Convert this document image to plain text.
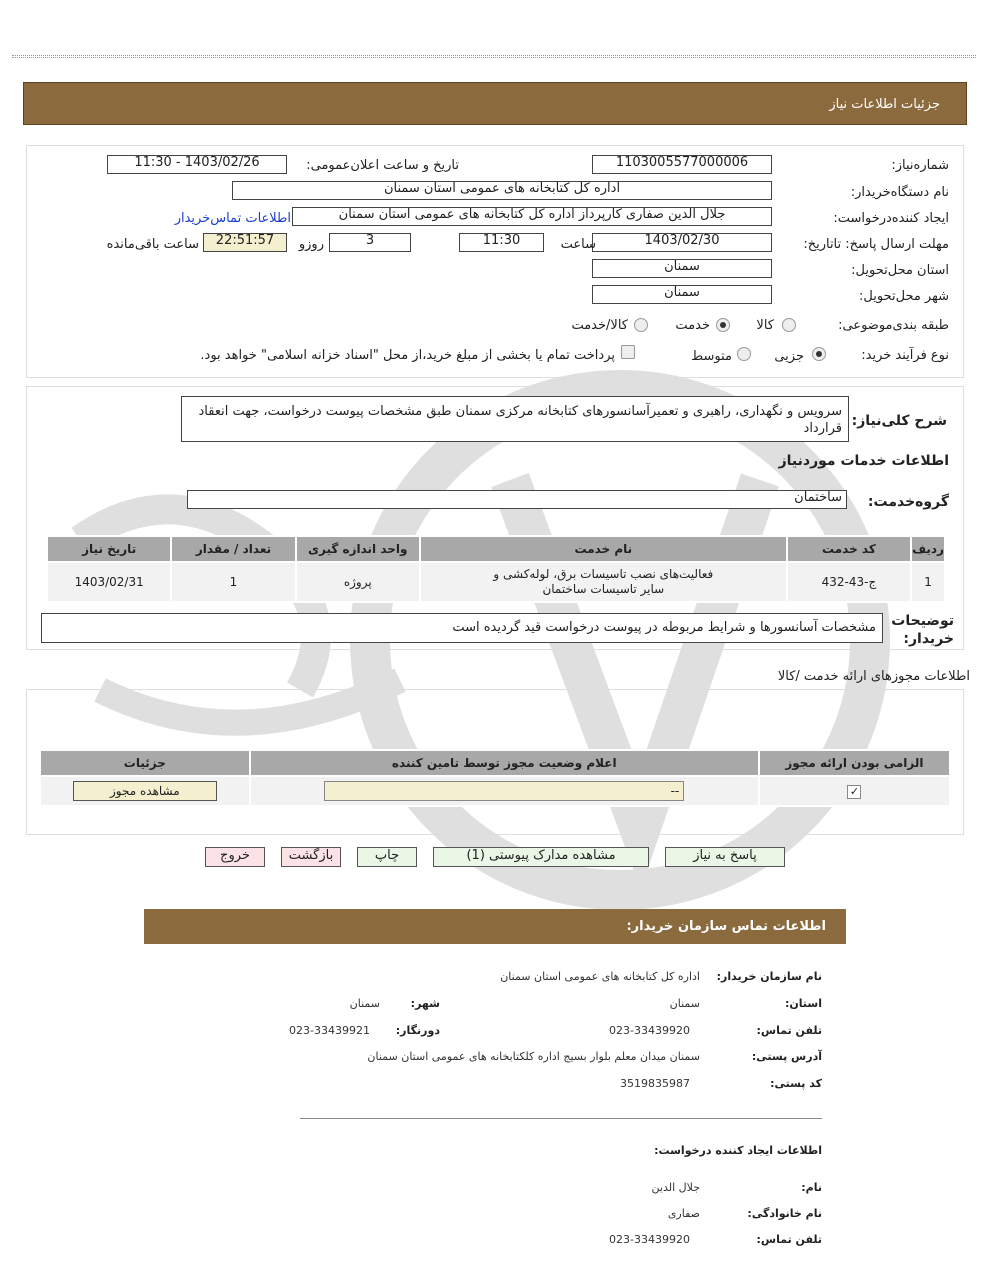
جزئیات اطلاعات نیاز
شماره‌نیاز:
1103005577000006
تاریخ و ساعت اعلان‌عمومی:
1403/02/26 - 11:30
نام دستگاه‌خریدار:
اداره کل کتابخانه های عمومی استان سمنان
ایجاد کننده‌درخواست:
جلال الدین صفاری کارپرداز اداره کل کتابخانه های عمومی استان سمنان
اطلاعات تماس‌خریدار
مهلت ارسال پاسخ: تاتاریخ:
1403/02/30
ساعت
11:30
3
روزو
22:51:57
ساعت باقی‌مانده
استان محل‌تحویل:
سمنان
شهر محل‌تحویل:
سمنان
طبقه بندی‌موضوعی:
کالا
خدمت
کالا/خدمت
نوع فرآیند خرید:
جزیی
متوسط
پرداخت تمام یا بخشی از مبلغ خرید،از محل "اسناد خزانه اسلامی" خواهد بود.
شرح کلی‌نیاز:
سرویس و نگهداری، راهبری و تعمیرآسانسورهای کتابخانه مرکزی سمنان طبق مشخصات پیوست درخواست، جهت انعقاد قرارداد
اطلاعات خدمات مورد‌نیاز
گروه‌خدمت:
ساختمان
ردیف	کد خدمت	نام خدمت	واحد اندازه گیری	تعداد / مقدار	تاریخ نیاز
1	ج-43-432	فعالیت‌های نصب تاسیسات برق، لوله‌کشی و سایر تاسیسات ساختمان	پروژه	1	1403/02/31
توضیحات خریدار:
مشخصات آسانسورها و شرایط مربوطه در پیوست درخواست قید گردیده است
اطلاعات مجوزهای ارائه خدمت /کالا
الزامی بودن ارائه مجوز	اعلام وضعیت مجوز توسط تامین کننده	جزئیات
✓	--	مشاهده مجوز
پاسخ به نیاز
مشاهده مدارک پیوستی (1)
چاپ
بازگشت
خروج
اطلاعات تماس سازمان خریدار:
نام سازمان خریدار:
اداره کل کتابخانه های عمومی استان سمنان
استان:
سمنان
شهر:
سمنان
تلفن تماس:
023-33439920
دورنگار:
023-33439921
آدرس پستی:
سمنان میدان معلم بلوار بسیج اداره کلکتابخانه های عمومی استان سمنان
کد پستی:
3519835987
اطلاعات ایجاد کننده درخواست:
نام:
جلال الدین
نام خانوادگی:
صفاری
تلفن تماس:
023-33439920
